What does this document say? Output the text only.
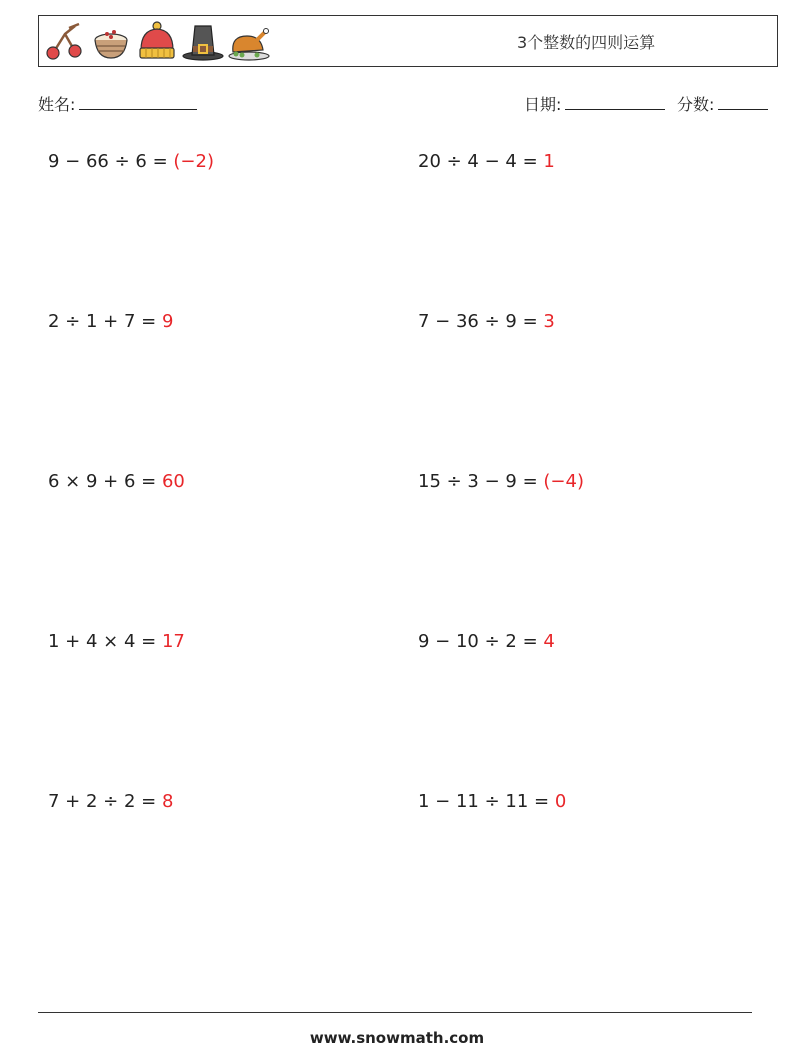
3个整数的四则运算
姓名:	日期:	分数:
9 − 66 ÷ 6 = (−2)	20 ÷ 4 − 4 = 1
2 ÷ 1 + 7 = 9	7 − 36 ÷ 9 = 3
6 × 9 + 6 = 60	15 ÷ 3 − 9 = (−4)
1 + 4 × 4 = 17	9 − 10 ÷ 2 = 4
7 + 2 ÷ 2 = 8	1 − 11 ÷ 11 = 0
www.snowmath.com
